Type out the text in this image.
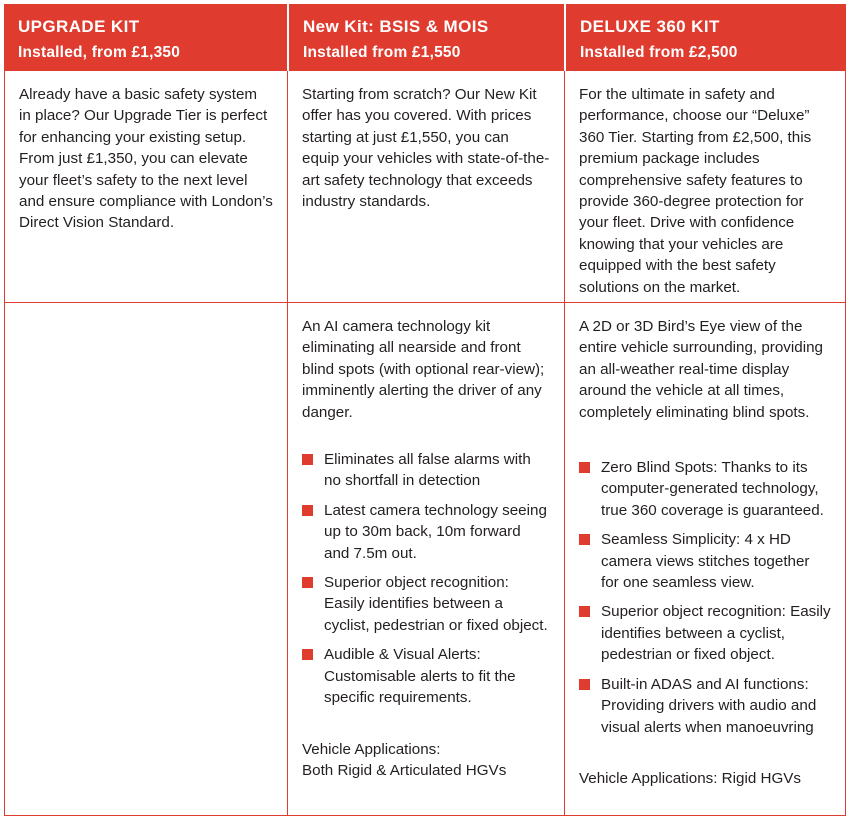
UPGRADE KIT
Installed, from £1,350
New Kit: BSIS & MOIS
Installed from £1,550
DELUXE 360 KIT
Installed from £2,500

Already have a basic safety system in place? Our Upgrade Tier is perfect for enhancing your existing setup. From just £1,350, you can elevate your fleet’s safety to the next level and ensure compliance with London’s Direct Vision Standard.

Starting from scratch? Our New Kit offer has you covered. With prices starting at just £1,550, you can equip your vehicles with state-of-the-art safety technology that exceeds industry standards.

For the ultimate in safety and performance, choose our “Deluxe” 360 Tier. Starting from £2,500, this premium package includes comprehensive safety features to provide 360-degree protection for your fleet. Drive with confidence knowing that your vehicles are equipped with the best safety solutions on the market.

An AI camera technology kit eliminating all nearside and front blind spots (with optional rear-view); imminently alerting the driver of any danger.

Eliminates all false alarms with no shortfall in detection
Latest camera technology seeing up to 30m back, 10m forward and 7.5m out.
Superior object recognition: Easily identifies between a cyclist, pedestrian or fixed object.
Audible & Visual Alerts: Customisable alerts to fit the specific requirements.

Vehicle Applications:
Both Rigid & Articulated HGVs

A 2D or 3D Bird’s Eye view of the entire vehicle surrounding, providing an all-weather real-time display around the vehicle at all times, completely eliminating blind spots.

Zero Blind Spots: Thanks to its computer-generated technology, true 360 coverage is guaranteed.
Seamless Simplicity: 4 x HD camera views stitches together for one seamless view.
Superior object recognition: Easily identifies between a cyclist, pedestrian or fixed object.
Built-in ADAS and AI functions: Providing drivers with audio and visual alerts when manoeuvring

Vehicle Applications: Rigid HGVs
